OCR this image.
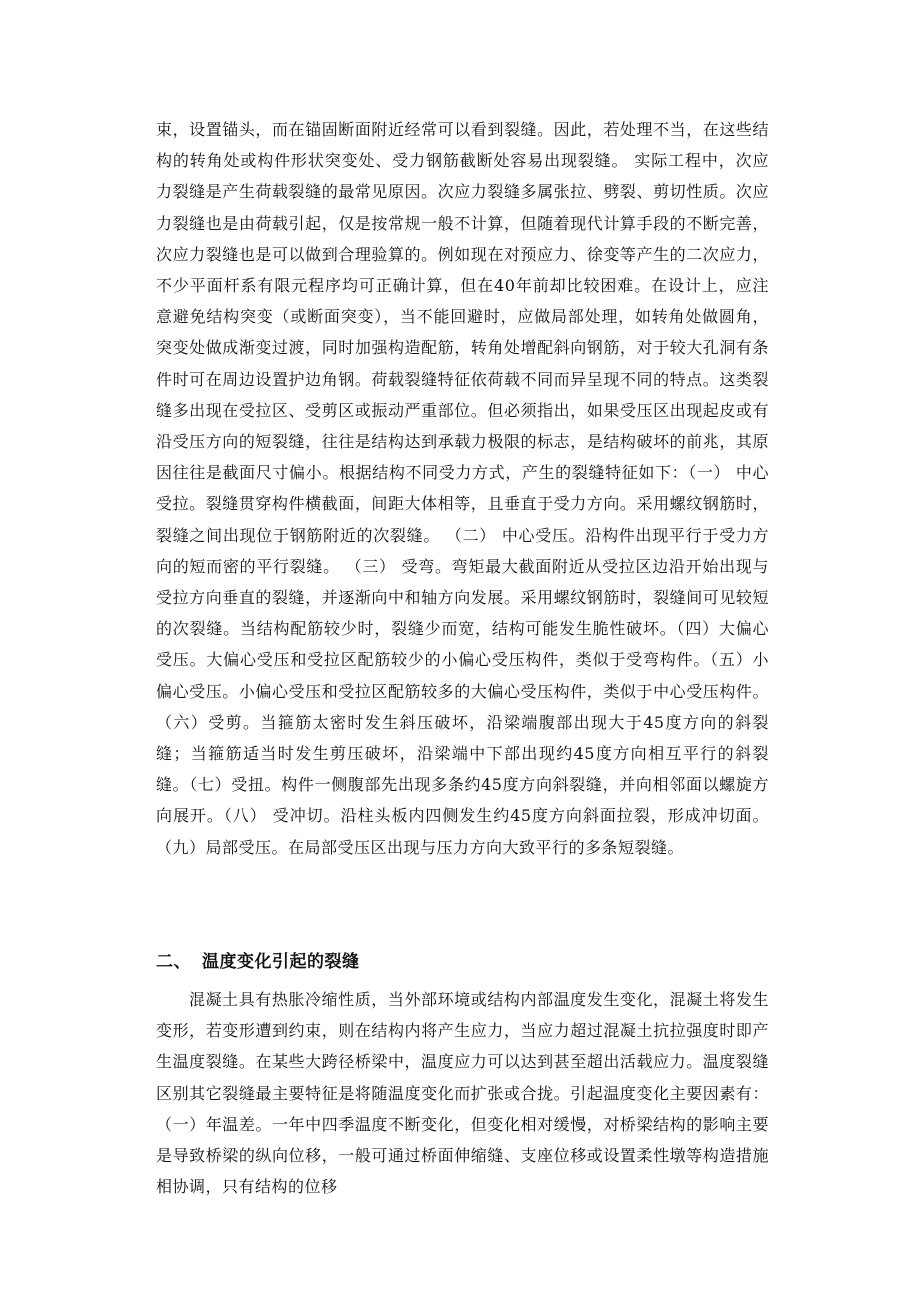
束，设置锚头，而在锚固断面附近经常可以看到裂缝。因此，若处理不当，在这些结构的转角处或构件形状突变处、受力钢筋截断处容易出现裂缝。 实际工程中，次应力裂缝是产生荷载裂缝的最常见原因。次应力裂缝多属张拉、劈裂、剪切性质。次应力裂缝也是由荷载引起，仅是按常规一般不计算，但随着现代计算手段的不断完善，次应力裂缝也是可以做到合理验算的。例如现在对预应力、徐变等产生的二次应力，不少平面杆系有限元程序均可正确计算，但在40年前却比较困难。在设计上，应注意避免结构突变（或断面突变），当不能回避时，应做局部处理，如转角处做圆角，突变处做成渐变过渡，同时加强构造配筋，转角处增配斜向钢筋，对于较大孔洞有条件时可在周边设置护边角钢。荷载裂缝特征依荷载不同而异呈现不同的特点。这类裂缝多出现在受拉区、受剪区或振动严重部位。但必须指出，如果受压区出现起皮或有沿受压方向的短裂缝，往往是结构达到承载力极限的标志，是结构破坏的前兆，其原因往往是截面尺寸偏小。根据结构不同受力方式，产生的裂缝特征如下：（一） 中心受拉。裂缝贯穿构件横截面，间距大体相等，且垂直于受力方向。采用螺纹钢筋时，裂缝之间出现位于钢筋附近的次裂缝。 （二） 中心受压。沿构件出现平行于受力方向的短而密的平行裂缝。 （三） 受弯。弯矩最大截面附近从受拉区边沿开始出现与受拉方向垂直的裂缝，并逐渐向中和轴方向发展。采用螺纹钢筋时，裂缝间可见较短的次裂缝。当结构配筋较少时，裂缝少而宽，结构可能发生脆性破坏。（四）大偏心受压。大偏心受压和受拉区配筋较少的小偏心受压构件，类似于受弯构件。（五）小偏心受压。小偏心受压和受拉区配筋较多的大偏心受压构件，类似于中心受压构件。（六）受剪。当箍筋太密时发生斜压破坏，沿梁端腹部出现大于45度方向的斜裂缝；当箍筋适当时发生剪压破坏，沿梁端中下部出现约45度方向相互平行的斜裂缝。（七）受扭。构件一侧腹部先出现多条约45度方向斜裂缝，并向相邻面以螺旋方向展开。（八） 受冲切。沿柱头板内四侧发生约45度方向斜面拉裂，形成冲切面。 （九）局部受压。在局部受压区出现与压力方向大致平行的多条短裂缝。
二、 温度变化引起的裂缝
混凝土具有热胀冷缩性质，当外部环境或结构内部温度发生变化，混凝土将发生变形，若变形遭到约束，则在结构内将产生应力，当应力超过混凝土抗拉强度时即产生温度裂缝。在某些大跨径桥梁中，温度应力可以达到甚至超出活载应力。温度裂缝区别其它裂缝最主要特征是将随温度变化而扩张或合拢。引起温度变化主要因素有：（一）年温差。一年中四季温度不断变化，但变化相对缓慢，对桥梁结构的影响主要是导致桥梁的纵向位移，一般可通过桥面伸缩缝、支座位移或设置柔性墩等构造措施相协调，只有结构的位移
